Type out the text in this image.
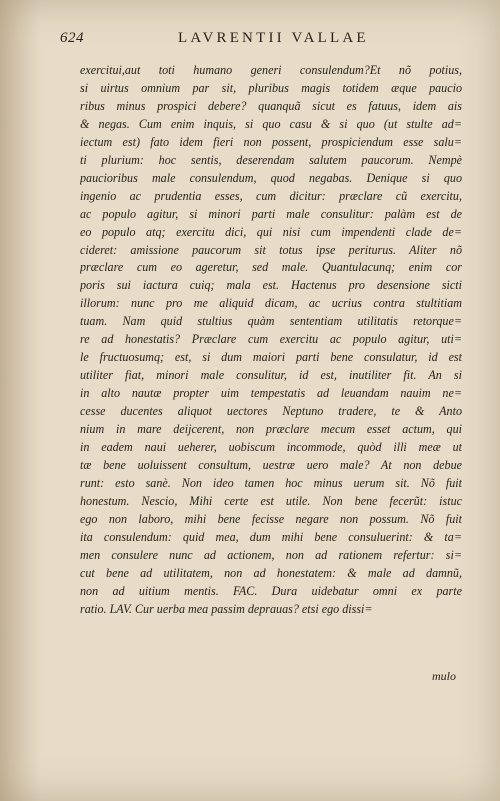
624	LAVRENTII VALLAE
exercitui,aut toti humano generi consulendum?Et nõ potius,
si uirtus omnium par sit, pluribus magis totidem æque paucio
ribus minus prospici debere? quanquã sicut es fatuus, idem ais
& negas. Cum enim inquis, si quo casu & si quo (ut stulte ad=
iectum est) fato idem fieri non possent, prospiciendum esse salu=
ti plurium: hoc sentis, deserendam salutem paucorum. Nempè
paucioribus male consulendum, quod negabas. Denique si quo
ingenio ac prudentia esses, cum dicitur: præclare cũ exercitu,
ac populo agitur, si minori parti male consulitur: palàm est de
eo populo atq; exercitu dici, qui nisi cum impendenti clade de=
cideret: amissione paucorum sit totus ipse periturus. Aliter nõ
præclare cum eo ageretur, sed male. Quantulacunq; enim cor
poris sui iactura cuiq; mala est. Hactenus pro desensione sicti
illorum: nunc pro me aliquid dicam, ac ucrius contra stultitiam
tuam. Nam quid stultius quàm sententiam utilitatis retorque=
re ad honestatis? Præclare cum exercitu ac populo agitur, uti=
le fructuosumq; est, si dum maiori parti bene consulatur, id est
utiliter fiat, minori male consulitur, id est, inutiliter fit. An si
in alto nautæ propter uim tempestatis ad leuandam nauim ne=
cesse ducentes aliquot uectores Neptuno tradere, te & Anto
nium in mare deijcerent, non præclare mecum esset actum, qui
in eadem naui ueherer, uobiscum incommode, quòd illi meæ ut
tæ bene uoluissent consultum, uestræ uero male? At non debue
runt: esto sanè. Non ideo tamen hoc minus uerum sit. Nõ fuit
honestum. Nescio, Mihi certe est utile. Non bene fecerũt: istuc
ego non laboro, mihi bene fecisse negare non possum. Nõ fuit
ita consulendum: quid mea, dum mihi bene consuluerint: & ta=
men consulere nunc ad actionem, non ad rationem refertur: si=
cut bene ad utilitatem, non ad honestatem: & male ad damnũ,
non ad uitium mentis. FAC. Dura uidebatur omni ex parte
ratio. LAV. Cur uerba mea passim deprauas? etsi ego dissi=
mulo
